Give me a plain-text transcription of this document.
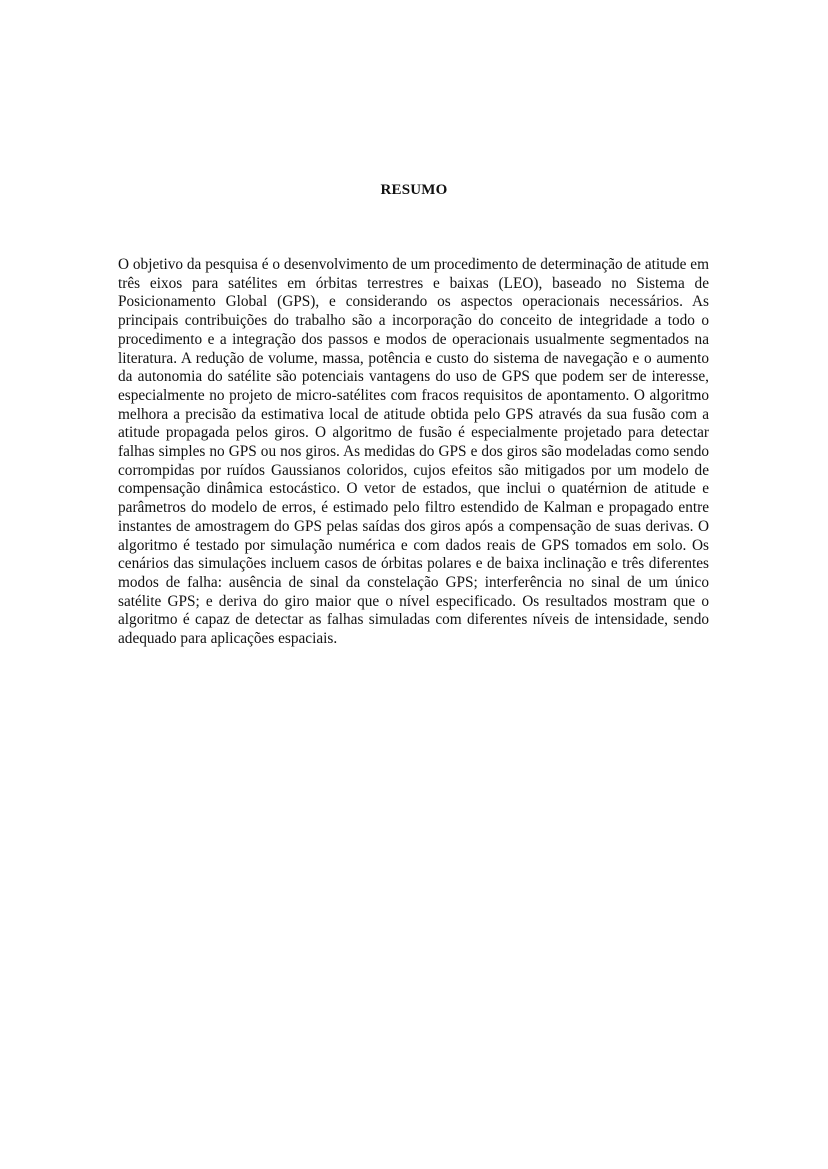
RESUMO

O objetivo da pesquisa é o desenvolvimento de um procedimento de determinação de atitude em três eixos para satélites em órbitas terrestres e baixas (LEO), baseado no Sistema de Posicionamento Global (GPS), e considerando os aspectos operacionais necessários. As principais contribuições do trabalho são a incorporação do conceito de integridade a todo o procedimento e a integração dos passos e modos de operacionais usualmente segmentados na literatura. A redução de volume, massa, potência e custo do sistema de navegação e o aumento da autonomia do satélite são potenciais vantagens do uso de GPS que podem ser de interesse, especialmente no projeto de micro-satélites com fracos requisitos de apontamento. O algoritmo melhora a precisão da estimativa local de atitude obtida pelo GPS através da sua fusão com a atitude propagada pelos giros. O algoritmo de fusão é especialmente projetado para detectar falhas simples no GPS ou nos giros. As medidas do GPS e dos giros são modeladas como sendo corrompidas por ruídos Gaussianos coloridos, cujos efeitos são mitigados por um modelo de compensação dinâmica estocástico. O vetor de estados, que inclui o quatérnion de atitude e parâmetros do modelo de erros, é estimado pelo filtro estendido de Kalman e propagado entre instantes de amostragem do GPS pelas saídas dos giros após a compensação de suas derivas. O algoritmo é testado por simulação numérica e com dados reais de GPS tomados em solo. Os cenários das simulações incluem casos de órbitas polares e de baixa inclinação e três diferentes modos de falha: ausência de sinal da constelação GPS; interferência no sinal de um único satélite GPS; e deriva do giro maior que o nível especificado. Os resultados mostram que o algoritmo é capaz de detectar as falhas simuladas com diferentes níveis de intensidade, sendo adequado para aplicações espaciais.
